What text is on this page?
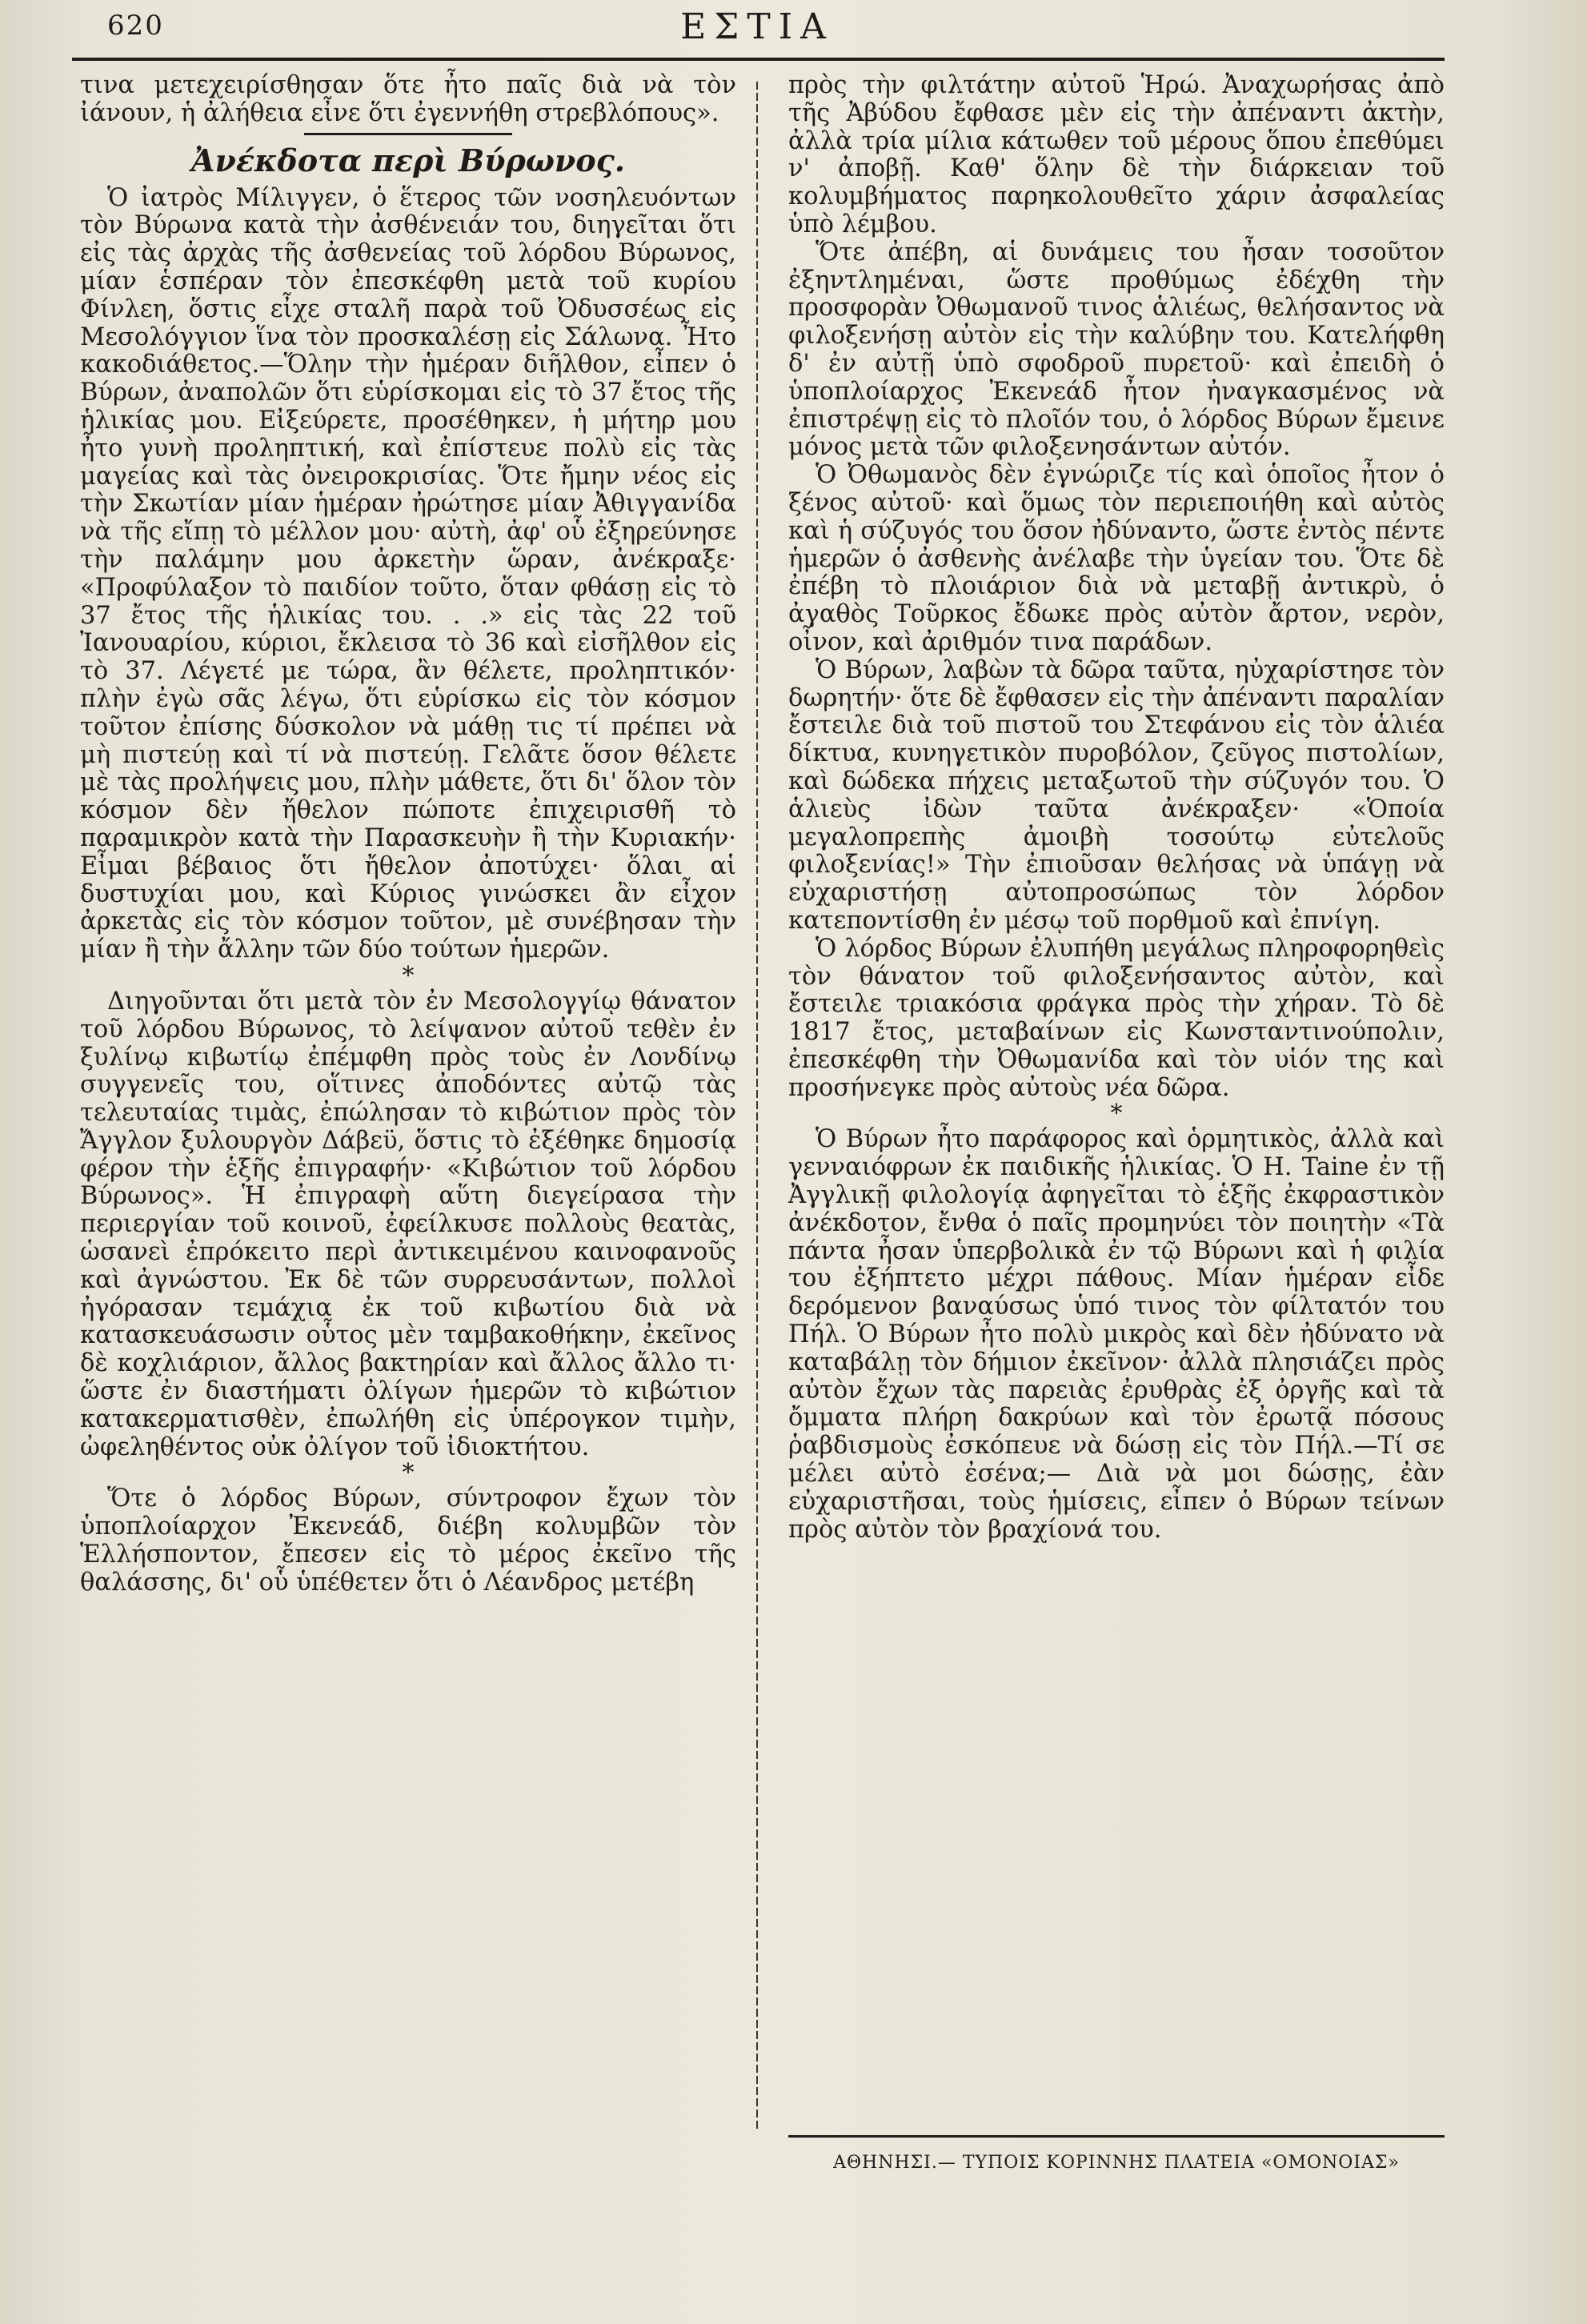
620	ΕΣΤΙΑ

τινα μετεχειρίσθησαν ὅτε ἦτο παῖς διὰ νὰ τὸν ἰάνουν, ἡ ἀλήθεια εἶνε ὅτι ἐγεννήθη στρεβλόπους».

Ἀνέκδοτα περὶ Βύρωνος.

Ὁ ἰατρὸς Μίλιγγεν, ὁ ἕτερος τῶν νοσηλευόντων τὸν Βύρωνα κατὰ τὴν ἀσθένειάν του, διηγεῖται ὅτι εἰς τὰς ἀρχὰς τῆς ἀσθενείας τοῦ λόρδου Βύρωνος, μίαν ἑσπέραν τὸν ἐπεσκέφθη μετὰ τοῦ κυρίου Φίνλεη, ὅστις εἶχε σταλῆ παρὰ τοῦ Ὀδυσσέως εἰς Μεσολόγγιον ἵνα τὸν προσκαλέσῃ εἰς Σάλωνα. Ἦτο κακοδιάθετος.—Ὅλην τὴν ἡμέραν διῆλθον, εἶπεν ὁ Βύρων, ἀναπολῶν ὅτι εὑρίσκομαι εἰς τὸ 37 ἔτος τῆς ἡλικίας μου. Εἰξεύρετε, προσέθηκεν, ἡ μήτηρ μου ἦτο γυνὴ προληπτική, καὶ ἐπίστευε πολὺ εἰς τὰς μαγείας καὶ τὰς ὀνειροκρισίας. Ὅτε ἤμην νέος εἰς τὴν Σκωτίαν μίαν ἡμέραν ἠρώτησε μίαν Ἀθιγγανίδα νὰ τῆς εἴπῃ τὸ μέλλον μου· αὐτὴ, ἀφ' οὗ ἐξηρεύνησε τὴν παλάμην μου ἀρκετὴν ὥραν, ἀνέκραξε· «Προφύλαξον τὸ παιδίον τοῦτο, ὅταν φθάσῃ εἰς τὸ 37 ἔτος τῆς ἡλικίας του. . .» εἰς τὰς 22 τοῦ Ἰανουαρίου, κύριοι, ἔκλεισα τὸ 36 καὶ εἰσῆλθον εἰς τὸ 37. Λέγετέ με τώρα, ἂν θέλετε, προληπτικόν· πλὴν ἐγὼ σᾶς λέγω, ὅτι εὑρίσκω εἰς τὸν κόσμον τοῦτον ἐπίσης δύσκολον νὰ μάθῃ τις τί πρέπει νὰ μὴ πιστεύῃ καὶ τί νὰ πιστεύῃ. Γελᾶτε ὅσον θέλετε μὲ τὰς προλήψεις μου, πλὴν μάθετε, ὅτι δι' ὅλον τὸν κόσμον δὲν ἤθελον πώποτε ἐπιχειρισθῆ τὸ παραμικρὸν κατὰ τὴν Παρασκευὴν ἢ τὴν Κυριακήν· Εἶμαι βέβαιος ὅτι ἤθελον ἀποτύχει· ὅλαι αἱ δυστυχίαι μου, καὶ Κύριος γινώσκει ἂν εἶχον ἀρκετὰς εἰς τὸν κόσμον τοῦτον, μὲ συνέβησαν τὴν μίαν ἢ τὴν ἄλλην τῶν δύο τούτων ἡμερῶν.

*

Διηγοῦνται ὅτι μετὰ τὸν ἐν Μεσολογγίῳ θάνατον τοῦ λόρδου Βύρωνος, τὸ λείψανον αὐτοῦ τεθὲν ἐν ξυλίνῳ κιβωτίῳ ἐπέμφθη πρὸς τοὺς ἐν Λονδίνῳ συγγενεῖς του, οἵτινες ἀποδόντες αὐτῷ τὰς τελευταίας τιμὰς, ἐπώλησαν τὸ κιβώτιον πρὸς τὸν Ἄγγλον ξυλουργὸν Δάβεϋ, ὅστις τὸ ἐξέθηκε δημοσίᾳ φέρον τὴν ἑξῆς ἐπιγραφήν· «Κιβώτιον τοῦ λόρδου Βύρωνος». Ἡ ἐπιγραφὴ αὕτη διεγείρασα τὴν περιεργίαν τοῦ κοινοῦ, ἐφείλκυσε πολλοὺς θεατὰς, ὡσανεὶ ἐπρόκειτο περὶ ἀντικειμένου καινοφανοῦς καὶ ἀγνώστου. Ἐκ δὲ τῶν συρρευσάντων, πολλοὶ ἠγόρασαν τεμάχια ἐκ τοῦ κιβωτίου διὰ νὰ κατασκευάσωσιν οὗτος μὲν ταμβακοθήκην, ἐκεῖνος δὲ κοχλιάριον, ἄλλος βακτηρίαν καὶ ἄλλος ἄλλο τι· ὥστε ἐν διαστήματι ὀλίγων ἡμερῶν τὸ κιβώτιον κατακερματισθὲν, ἐπωλήθη εἰς ὑπέρογκον τιμὴν, ὠφεληθέντος οὐκ ὀλίγον τοῦ ἰδιοκτήτου.

*

Ὅτε ὁ λόρδος Βύρων, σύντροφον ἔχων τὸν ὑποπλοίαρχον Ἐκενεάδ, διέβη κολυμβῶν τὸν Ἑλλήσποντον, ἔπεσεν εἰς τὸ μέρος ἐκεῖνο τῆς θαλάσσης, δι' οὗ ὑπέθετεν ὅτι ὁ Λέανδρος μετέβη

πρὸς τὴν φιλτάτην αὐτοῦ Ἡρώ. Ἀναχωρήσας ἀπὸ τῆς Ἀβύδου ἔφθασε μὲν εἰς τὴν ἀπέναντι ἀκτὴν, ἀλλὰ τρία μίλια κάτωθεν τοῦ μέρους ὅπου ἐπεθύμει ν' ἀποβῇ. Καθ' ὅλην δὲ τὴν διάρκειαν τοῦ κολυμβήματος παρηκολουθεῖτο χάριν ἀσφαλείας ὑπὸ λέμβου.

Ὅτε ἀπέβη, αἱ δυνάμεις του ἦσαν τοσοῦτον ἐξηντλημέναι, ὥστε προθύμως ἐδέχθη τὴν προσφορὰν Ὀθωμανοῦ τινος ἁλιέως, θελήσαντος νὰ φιλοξενήσῃ αὐτὸν εἰς τὴν καλύβην του. Κατελήφθη δ' ἐν αὐτῇ ὑπὸ σφοδροῦ πυρετοῦ· καὶ ἐπειδὴ ὁ ὑποπλοίαρχος Ἐκενεάδ ἦτον ἠναγκασμένος νὰ ἐπιστρέψῃ εἰς τὸ πλοῖόν του, ὁ λόρδος Βύρων ἔμεινε μόνος μετὰ τῶν φιλοξενησάντων αὐτόν.

Ὁ Ὀθωμανὸς δὲν ἐγνώριζε τίς καὶ ὁποῖος ἦτον ὁ ξένος αὐτοῦ· καὶ ὅμως τὸν περιεποιήθη καὶ αὐτὸς καὶ ἡ σύζυγός του ὅσον ἠδύναντο, ὥστε ἐντὸς πέντε ἡμερῶν ὁ ἀσθενὴς ἀνέλαβε τὴν ὑγείαν του. Ὅτε δὲ ἐπέβη τὸ πλοιάριον διὰ νὰ μεταβῇ ἀντικρὺ, ὁ ἀγαθὸς Τοῦρκος ἔδωκε πρὸς αὐτὸν ἄρτον, νερὸν, οἶνον, καὶ ἀριθμόν τινα παράδων.

Ὁ Βύρων, λαβὼν τὰ δῶρα ταῦτα, ηὐχαρίστησε τὸν δωρητήν· ὅτε δὲ ἔφθασεν εἰς τὴν ἀπέναντι παραλίαν ἔστειλε διὰ τοῦ πιστοῦ του Στεφάνου εἰς τὸν ἁλιέα δίκτυα, κυνηγετικὸν πυροβόλον, ζεῦγος πιστολίων, καὶ δώδεκα πήχεις μεταξωτοῦ τὴν σύζυγόν του. Ὁ ἁλιεὺς ἰδὼν ταῦτα ἀνέκραξεν· «Ὁποία μεγαλοπρεπὴς ἀμοιβὴ τοσούτῳ εὐτελοῦς φιλοξενίας!» Τὴν ἐπιοῦσαν θελήσας νὰ ὑπάγῃ νὰ εὐχαριστήσῃ αὐτοπροσώπως τὸν λόρδον κατεποντίσθη ἐν μέσῳ τοῦ πορθμοῦ καὶ ἐπνίγη.

Ὁ λόρδος Βύρων ἐλυπήθη μεγάλως πληροφορηθεὶς τὸν θάνατον τοῦ φιλοξενήσαντος αὐτὸν, καὶ ἔστειλε τριακόσια φράγκα πρὸς τὴν χήραν. Τὸ δὲ 1817 ἔτος, μεταβαίνων εἰς Κωνσταντινούπολιν, ἐπεσκέφθη τὴν Ὀθωμανίδα καὶ τὸν υἱόν της καὶ προσήνεγκε πρὸς αὐτοὺς νέα δῶρα.

*

Ὁ Βύρων ἦτο παράφορος καὶ ὁρμητικὸς, ἀλλὰ καὶ γενναιόφρων ἐκ παιδικῆς ἡλικίας. Ὁ Η. Taine ἐν τῇ Ἀγγλικῇ φιλολογίᾳ ἀφηγεῖται τὸ ἑξῆς ἐκφραστικὸν ἀνέκδοτον, ἔνθα ὁ παῖς προμηνύει τὸν ποιητὴν «Τὰ πάντα ἦσαν ὑπερβολικὰ ἐν τῷ Βύρωνι καὶ ἡ φιλία του ἐξήπτετο μέχρι πάθους. Μίαν ἡμέραν εἶδε δερόμενον βαναύσως ὑπό τινος τὸν φίλτατόν του Πήλ. Ὁ Βύρων ἦτο πολὺ μικρὸς καὶ δὲν ἠδύνατο νὰ καταβάλῃ τὸν δήμιον ἐκεῖνον· ἀλλὰ πλησιάζει πρὸς αὐτὸν ἔχων τὰς παρειὰς ἐρυθρὰς ἐξ ὀργῆς καὶ τὰ ὄμματα πλήρη δακρύων καὶ τὸν ἐρωτᾷ πόσους ῥαβδισμοὺς ἐσκόπευε νὰ δώσῃ εἰς τὸν Πήλ.—Τί σε μέλει αὐτὸ ἐσένα;— Διὰ νὰ μοι δώσῃς, ἐὰν εὐχαριστῆσαι, τοὺς ἡμίσεις, εἶπεν ὁ Βύρων τείνων πρὸς αὐτὸν τὸν βραχίονά του.

ΑΘΗΝΗΣΙ.— ΤΥΠΟΙΣ ΚΟΡΙΝΝΗΣ ΠΛΑΤΕΙΑ «ΟΜΟΝΟΙΑΣ»
